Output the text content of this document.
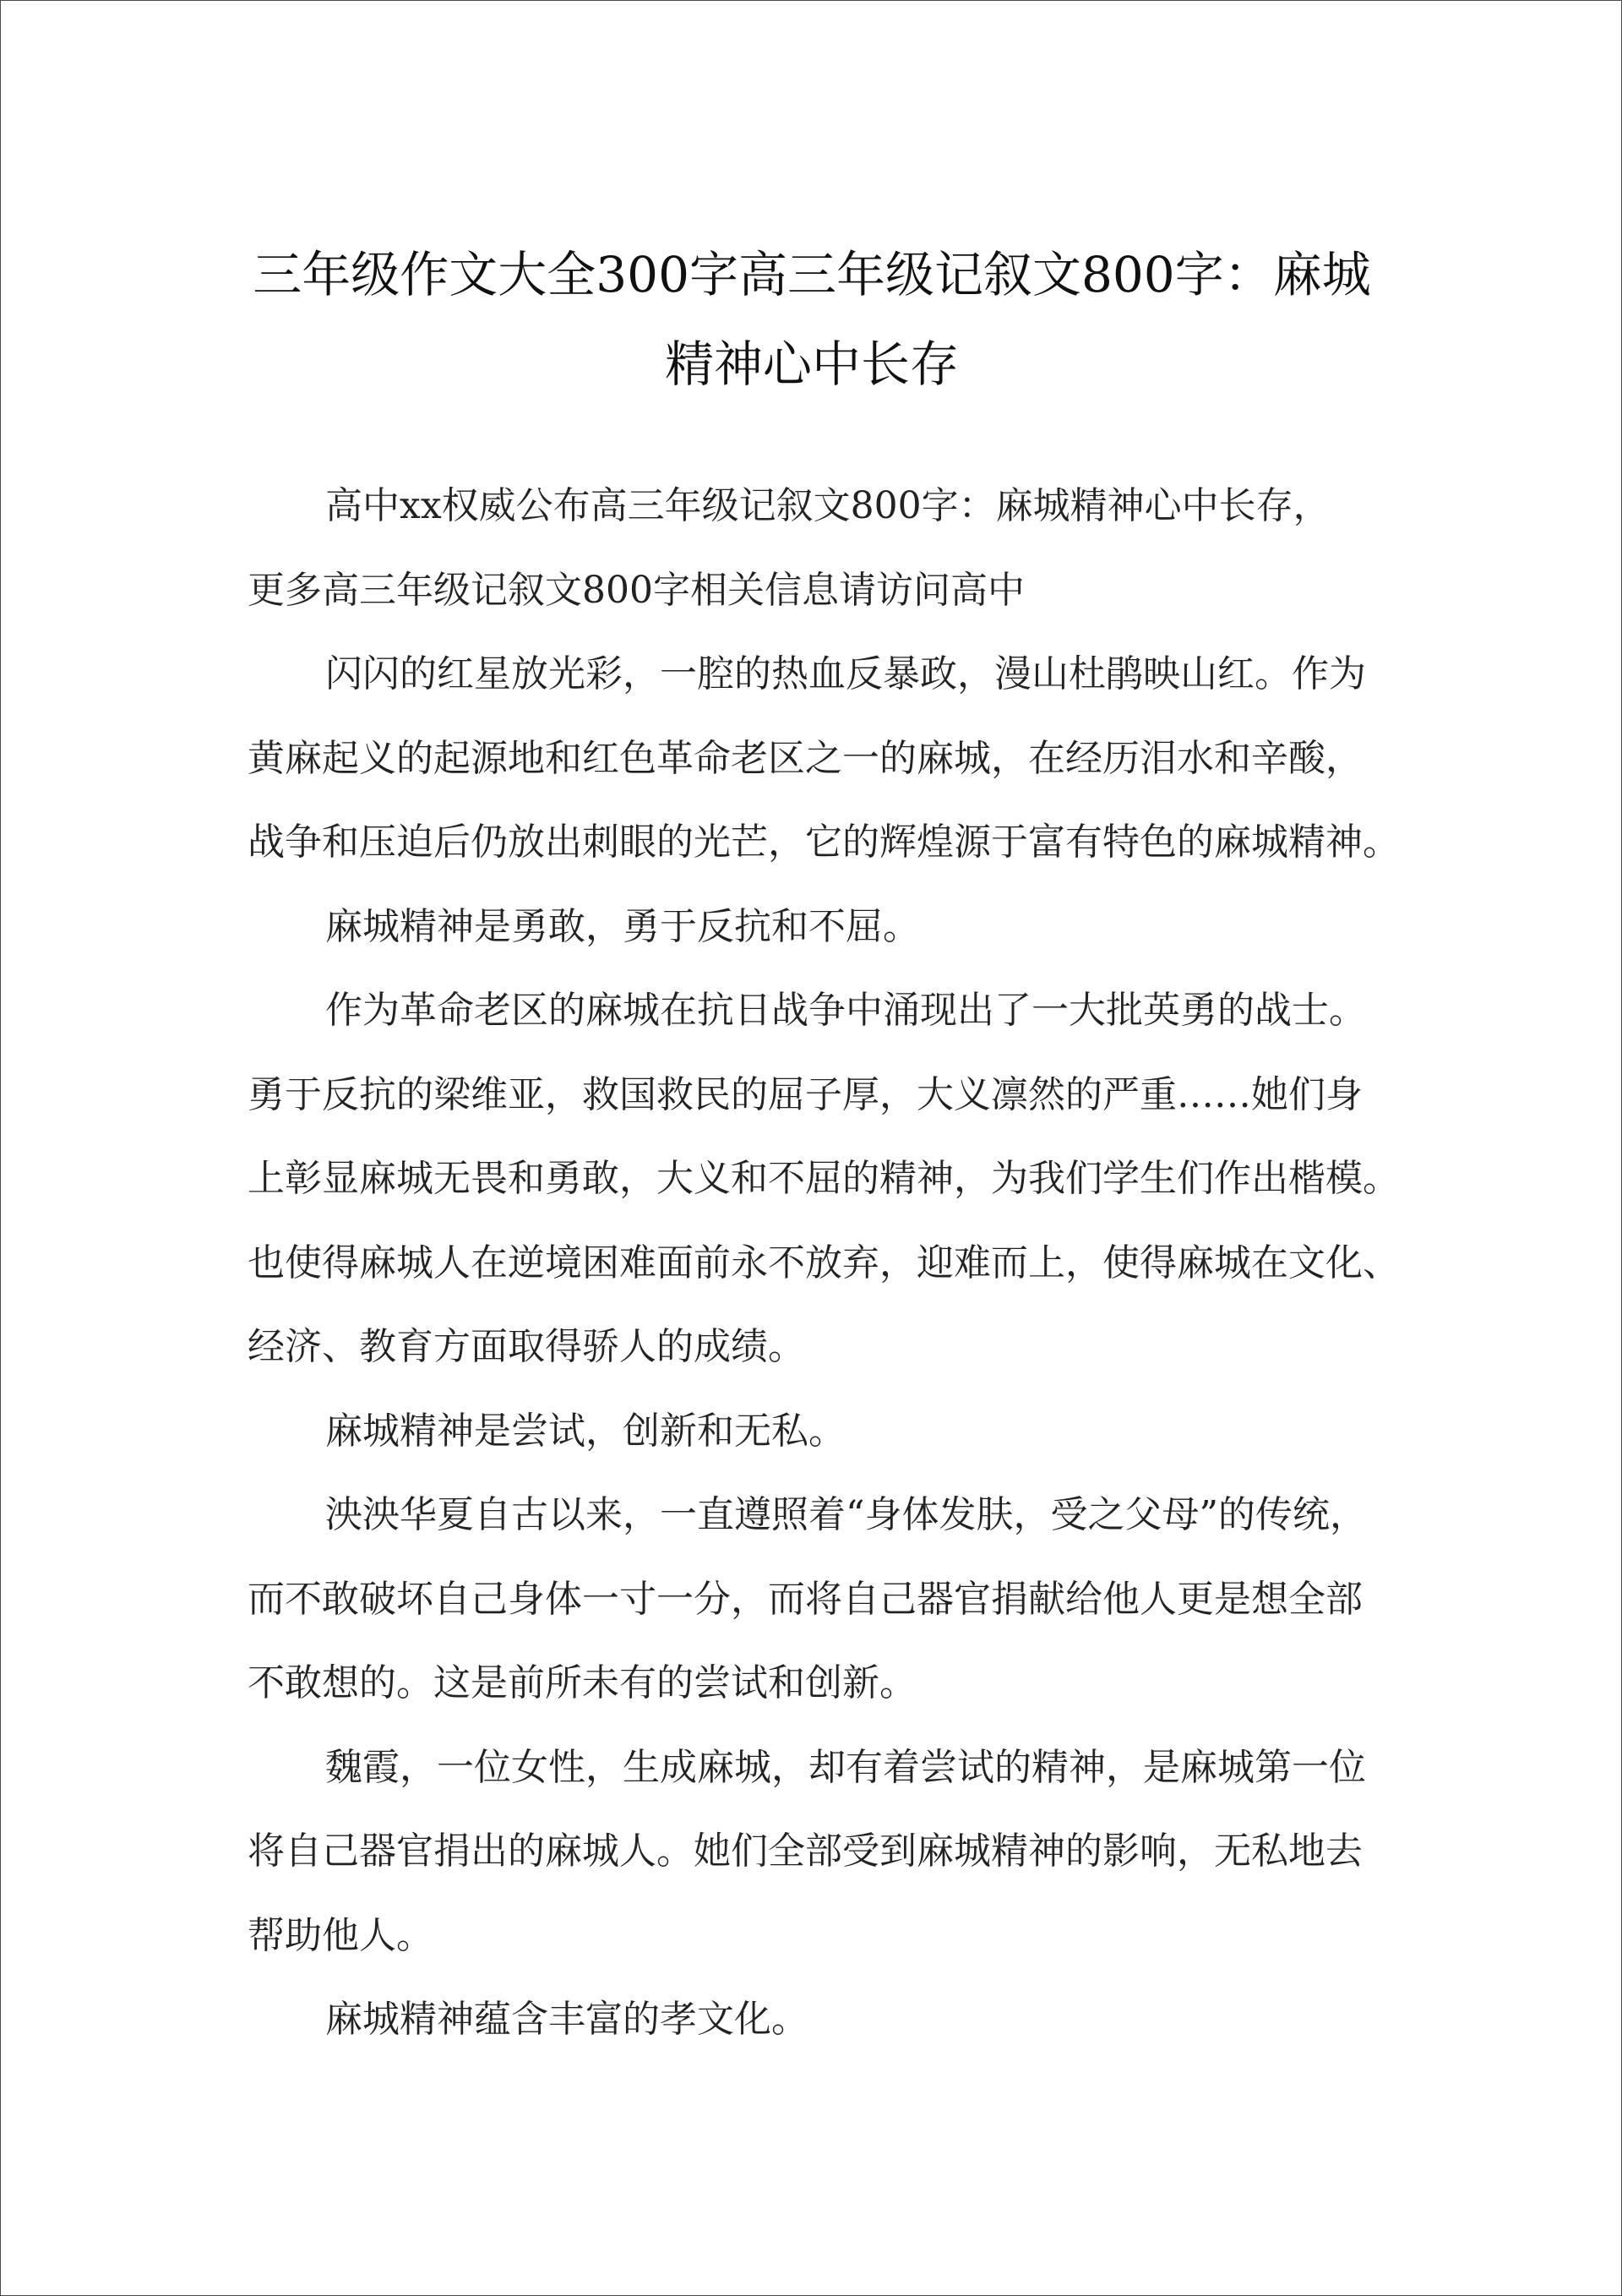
三年级作文大全300字高三年级记叙文800字：麻城
精神心中长存
高中xx权威公布高三年级记叙文800字：麻城精神心中长存，
更多高三年级记叙文800字相关信息请访问高中
闪闪的红星放光彩，一腔的热血反暴政，漫山杜鹃映山红。作为
黄麻起义的起源地和红色革命老区之一的麻城，在经历泪水和辛酸，
战争和压迫后仍放出刺眼的光芒，它的辉煌源于富有特色的麻城精神。
麻城精神是勇敢，勇于反抗和不屈。
作为革命老区的麻城在抗日战争中涌现出了一大批英勇的战士。
勇于反抗的梁维亚，救国救民的屈子厚，大义凛然的严重……她们身
上彰显麻城无畏和勇敢，大义和不屈的精神，为我们学生们作出楷模。
也使得麻城人在逆境困难面前永不放弃，迎难而上，使得麻城在文化、
经济、教育方面取得骄人的成绩。
麻城精神是尝试，创新和无私。
泱泱华夏自古以来，一直遵照着“身体发肤，受之父母”的传统，
而不敢破坏自己身体一寸一分，而将自己器官捐献给他人更是想全部
不敢想的。这是前所未有的尝试和创新。
魏霞，一位女性，生成麻城，却有着尝试的精神，是麻城第一位
将自己器官捐出的麻城人。她们全部受到麻城精神的影响，无私地去
帮助他人。
麻城精神蕴含丰富的孝文化。
